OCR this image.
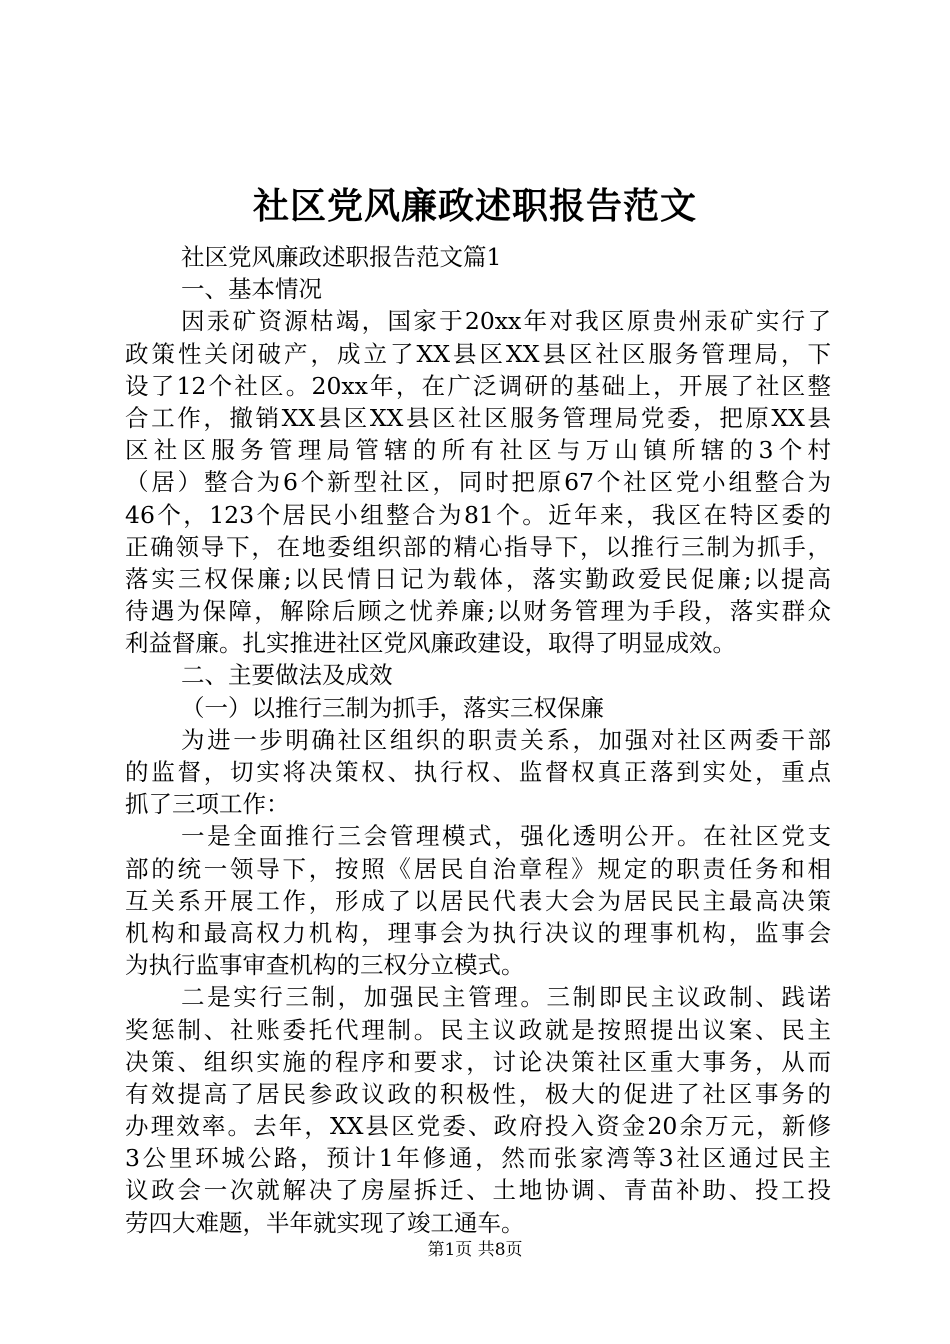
社区党风廉政述职报告范文
社区党风廉政述职报告范文篇1
一、基本情况
因汞矿资源枯竭，国家于20xx年对我区原贵州汞矿实行了
政策性关闭破产，成立了XX县区XX县区社区服务管理局，下
设了12个社区。20xx年，在广泛调研的基础上，开展了社区整
合工作，撤销XX县区XX县区社区服务管理局党委，把原XX县
区社区服务管理局管辖的所有社区与万山镇所辖的3个村
（居）整合为6个新型社区，同时把原67个社区党小组整合为
46个，123个居民小组整合为81个。近年来，我区在特区委的
正确领导下，在地委组织部的精心指导下，以推行三制为抓手，
落实三权保廉;以民情日记为载体，落实勤政爱民促廉;以提高
待遇为保障，解除后顾之忧养廉;以财务管理为手段，落实群众
利益督廉。扎实推进社区党风廉政建设，取得了明显成效。
二、主要做法及成效
（一）以推行三制为抓手，落实三权保廉
为进一步明确社区组织的职责关系，加强对社区两委干部
的监督，切实将决策权、执行权、监督权真正落到实处，重点
抓了三项工作：
一是全面推行三会管理模式，强化透明公开。在社区党支
部的统一领导下，按照《居民自治章程》规定的职责任务和相
互关系开展工作，形成了以居民代表大会为居民民主最高决策
机构和最高权力机构，理事会为执行决议的理事机构，监事会
为执行监事审查机构的三权分立模式。
二是实行三制，加强民主管理。三制即民主议政制、践诺
奖惩制、社账委托代理制。民主议政就是按照提出议案、民主
决策、组织实施的程序和要求，讨论决策社区重大事务，从而
有效提高了居民参政议政的积极性，极大的促进了社区事务的
办理效率。去年，XX县区党委、政府投入资金20余万元，新修
3公里环城公路，预计1年修通，然而张家湾等3社区通过民主
议政会一次就解决了房屋拆迁、土地协调、青苗补助、投工投
劳四大难题，半年就实现了竣工通车。
第1页 共8页
